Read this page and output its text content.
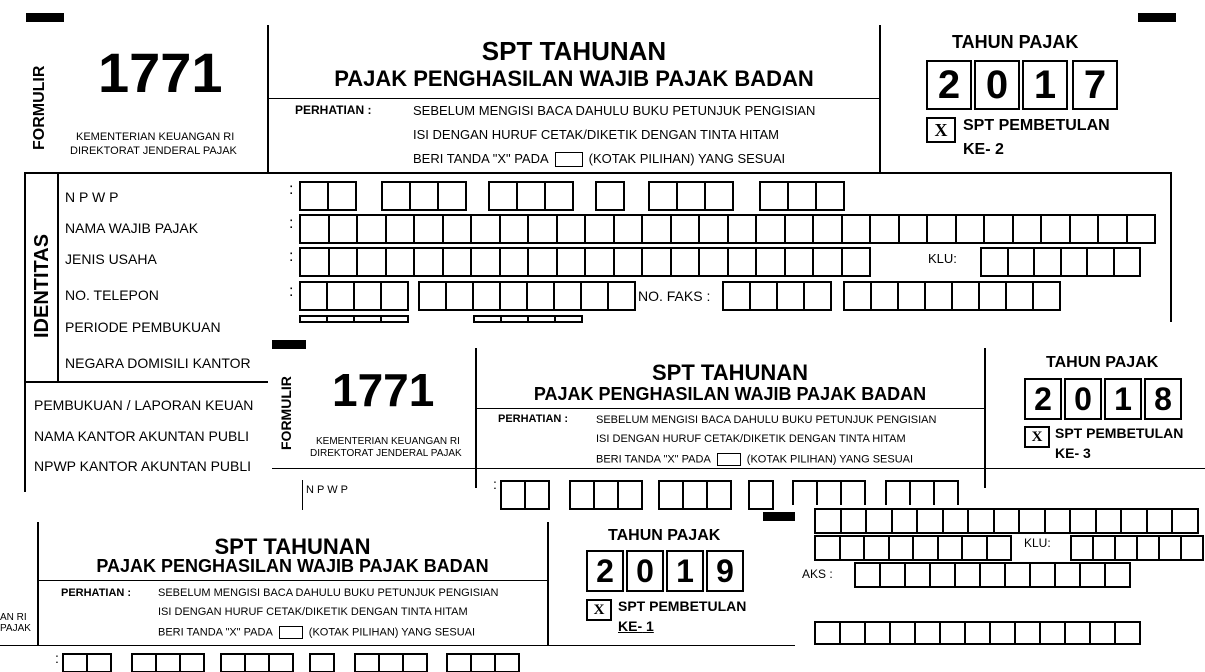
FORMULIR 1771
KEMENTERIAN KEUANGAN RI
DIREKTORAT JENDERAL PAJAK
SPT TAHUNAN
PAJAK PENGHASILAN WAJIB PAJAK BADAN
PERHATIAN :	SEBELUM MENGISI BACA DAHULU BUKU PETUNJUK PENGISIAN
ISI DENGAN HURUF CETAK/DIKETIK DENGAN TINTA HITAM
BERI TANDA "X" PADA	(KOTAK PILIHAN) YANG SESUAI
TAHUN PAJAK
2 0 1 7
X SPT PEMBETULAN
KE- 2
IDENTITAS
N P W P
NAMA WAJIB PAJAK
JENIS USAHA
NO. TELEPON
PERIODE PEMBUKUAN
NEGARA DOMISILI KANTOR
PEMBUKUAN / LAPORAN KEUAN
NAMA KANTOR AKUNTAN PUBLI
NPWP KANTOR AKUNTAN PUBLI
KLU:
NO. FAKS :
:
:
:
:
FORMULIR 1771
KEMENTERIAN KEUANGAN RI
DIREKTORAT JENDERAL PAJAK
SPT TAHUNAN
PAJAK PENGHASILAN WAJIB PAJAK BADAN
PERHATIAN :	SEBELUM MENGISI BACA DAHULU BUKU PETUNJUK PENGISIAN
ISI DENGAN HURUF CETAK/DIKETIK DENGAN TINTA HITAM
BERI TANDA "X" PADA	(KOTAK PILIHAN) YANG SESUAI
TAHUN PAJAK
2 0 1 8
X SPT PEMBETULAN
KE- 3
N P W P	:
KLU:
AKS :
AN RI
PAJAK
SPT TAHUNAN
PAJAK PENGHASILAN WAJIB PAJAK BADAN
PERHATIAN : SEBELUM MENGISI BACA DAHULU BUKU PETUNJUK PENGISIAN
ISI DENGAN HURUF CETAK/DIKETIK DENGAN TINTA HITAM
BERI TANDA "X" PADA	(KOTAK PILIHAN) YANG SESUAI
TAHUN PAJAK
2 0 1 9
X SPT PEMBETULAN
KE- 1
:
